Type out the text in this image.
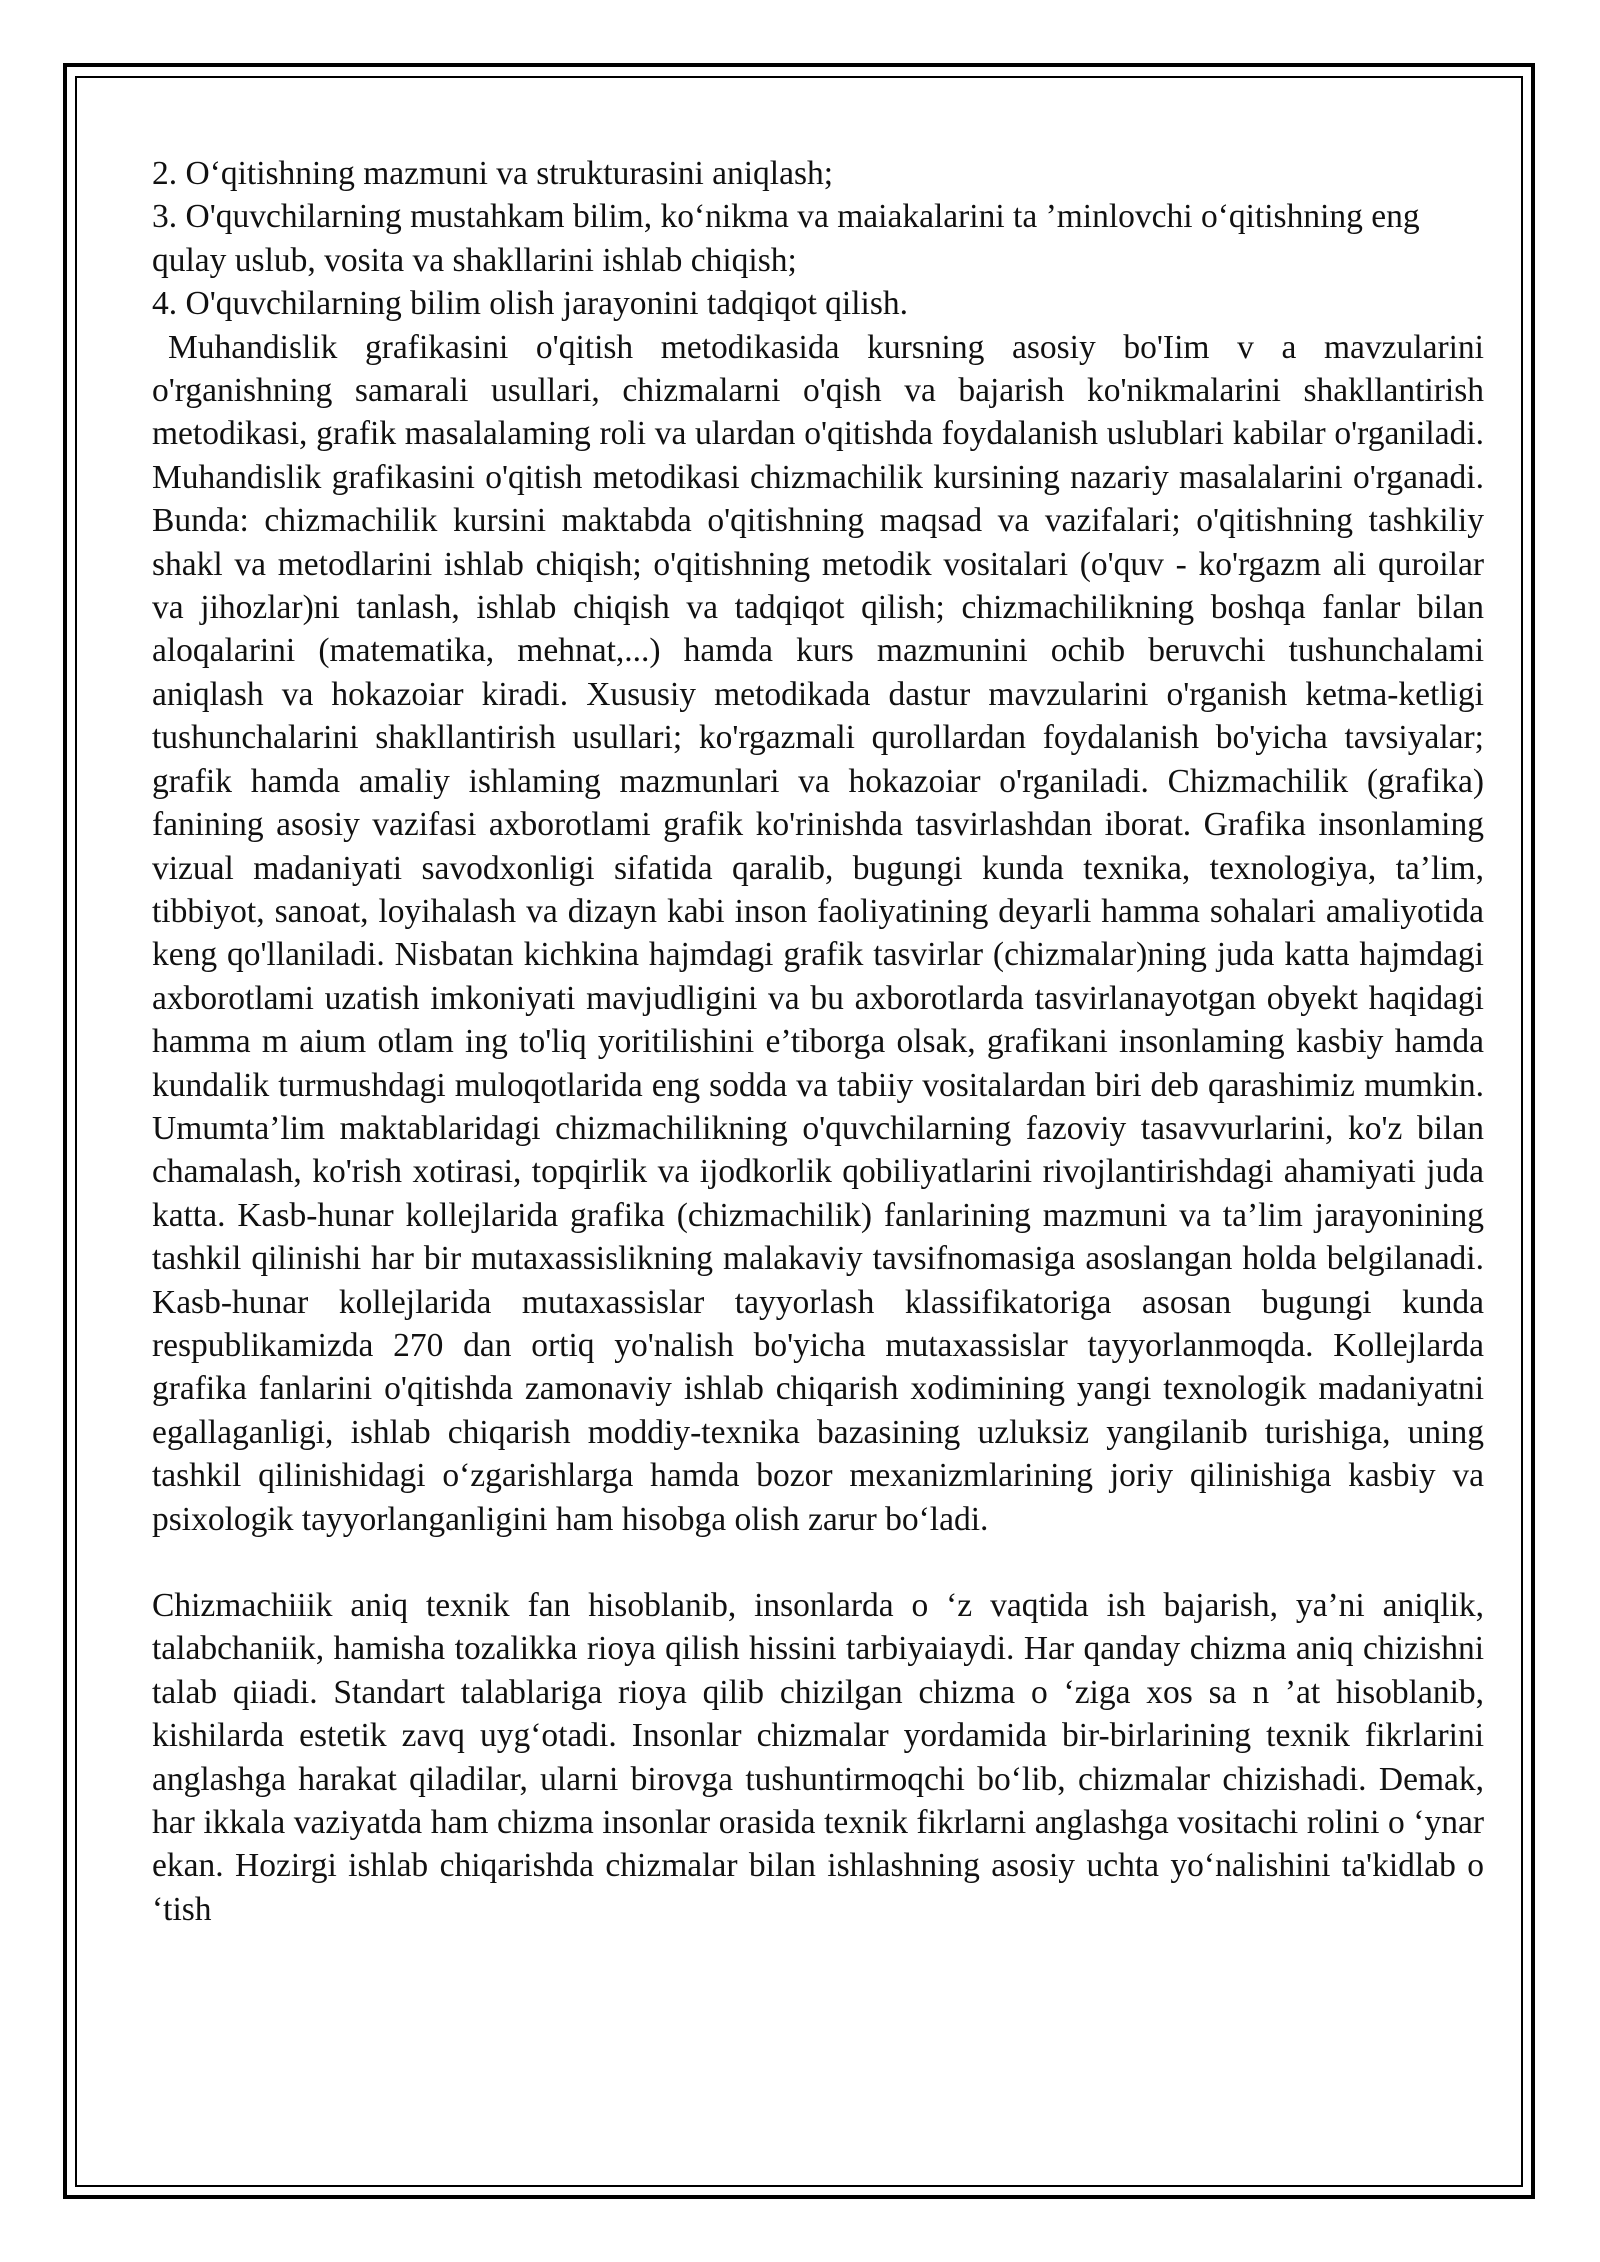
2. O‘qitishning mazmuni va strukturasini aniqlash;

3. O'quvchilarning mustahkam bilim, ko‘nikma va maiakalarini ta ’minlovchi o‘qitishning eng qulay uslub, vosita va shakllarini ishlab chiqish;

4. O'quvchilarning bilim olish jarayonini tadqiqot qilish.

Muhandislik grafikasini o'qitish metodikasida kursning asosiy bo'Iim v a mavzularini o'rganishning samarali usullari, chizmalarni o'qish va bajarish ko'nikmalarini shakllantirish metodikasi, grafik masalalaming roli va ulardan o'qitishda foydalanish uslublari kabilar o'rganiladi. Muhandislik grafikasini o'qitish metodikasi chizmachilik kursining nazariy masalalarini o'rganadi. Bunda: chizmachilik kursini maktabda o'qitishning maqsad va vazifalari; o'qitishning tashkiliy shakl va metodlarini ishlab chiqish; o'qitishning metodik vositalari (o'quv - ko'rgazm ali quroilar va jihozlar)ni tanlash, ishlab chiqish va tadqiqot qilish; chizmachilikning boshqa fanlar bilan aloqalarini (matematika, mehnat,...) hamda kurs mazmunini ochib beruvchi tushunchalami aniqlash va hokazoiar kiradi. Xususiy metodikada dastur mavzularini o'rganish ketma-ketligi tushunchalarini shakllantirish usullari; ko'rgazmali qurollardan foydalanish bo'yicha tavsiyalar; grafik hamda amaliy ishlaming mazmunlari va hokazoiar o'rganiladi. Chizmachilik (grafika) fanining asosiy vazifasi axborotlami grafik ko'rinishda tasvirlashdan iborat. Grafika insonlaming vizual madaniyati savodxonligi sifatida qaralib, bugungi kunda texnika, texnologiya, ta’lim, tibbiyot, sanoat, loyihalash va dizayn kabi inson faoliyatining deyarli hamma sohalari amaliyotida keng qo'llaniladi. Nisbatan kichkina hajmdagi grafik tasvirlar (chizmalar)ning juda katta hajmdagi axborotlami uzatish imkoniyati mavjudligini va bu axborotlarda tasvirlanayotgan obyekt haqidagi hamma m aium otlam ing to'liq yoritilishini e’tiborga olsak, grafikani insonlaming kasbiy hamda kundalik turmushdagi muloqotlarida eng sodda va tabiiy vositalardan biri deb qarashimiz mumkin. Umumta’lim maktablaridagi chizmachilikning o'quvchilarning fazoviy tasavvurlarini, ko'z bilan chamalash, ko'rish xotirasi, topqirlik va ijodkorlik qobiliyatlarini rivojlantirishdagi ahamiyati juda katta. Kasb-hunar kollejlarida grafika (chizmachilik) fanlarining mazmuni va ta’lim jarayonining tashkil qilinishi har bir mutaxassislikning malakaviy tavsifnomasiga asoslangan holda belgilanadi. Kasb-hunar kollejlarida mutaxassislar tayyorlash klassifikatoriga asosan bugungi kunda respublikamizda 270 dan ortiq yo'nalish bo'yicha mutaxassislar tayyorlanmoqda. Kollejlarda grafika fanlarini o'qitishda zamonaviy ishlab chiqarish xodimining yangi texnologik madaniyatni egallaganligi, ishlab chiqarish moddiy-texnika bazasining uzluksiz yangilanib turishiga, uning tashkil qilinishidagi o‘zgarishlarga hamda bozor mexanizmlarining joriy qilinishiga kasbiy va psixologik tayyorlanganligini ham hisobga olish zarur bo‘ladi.

Chizmachiiik aniq texnik fan hisoblanib, insonlarda o ‘z vaqtida ish bajarish, ya’ni aniqlik, talabchaniik, hamisha tozalikka rioya qilish hissini tarbiyaiaydi. Har qanday chizma aniq chizishni talab qiiadi. Standart talablariga rioya qilib chizilgan chizma o ‘ziga xos sa n ’at hisoblanib, kishilarda estetik zavq uyg‘otadi. Insonlar chizmalar yordamida bir-birlarining texnik fikrlarini anglashga harakat qiladilar, ularni birovga tushuntirmoqchi bo‘lib, chizmalar chizishadi. Demak, har ikkala vaziyatda ham chizma insonlar orasida texnik fikrlarni anglashga vositachi rolini o ‘ynar ekan. Hozirgi ishlab chiqarishda chizmalar bilan ishlashning asosiy uchta yo‘nalishini ta'kidlab o ‘tish
